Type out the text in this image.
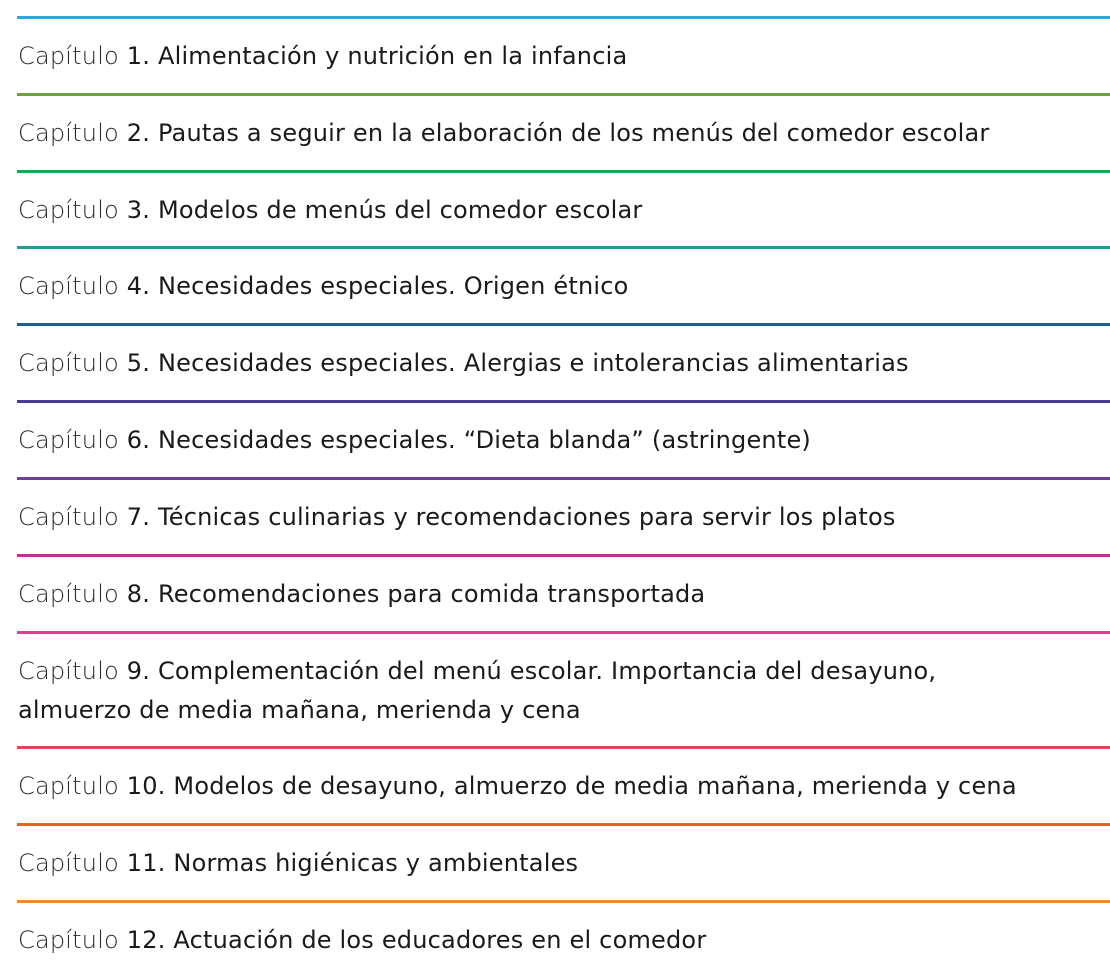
Capítulo 1. Alimentación y nutrición en la infancia
Capítulo 2. Pautas a seguir en la elaboración de los menús del comedor escolar
Capítulo 3. Modelos de menús del comedor escolar
Capítulo 4. Necesidades especiales. Origen étnico
Capítulo 5. Necesidades especiales. Alergias e intolerancias alimentarias
Capítulo 6. Necesidades especiales. “Dieta blanda” (astringente)
Capítulo 7. Técnicas culinarias y recomendaciones para servir los platos
Capítulo 8. Recomendaciones para comida transportada
Capítulo 9. Complementación del menú escolar. Importancia del desayuno,
almuerzo de media mañana, merienda y cena
Capítulo 10. Modelos de desayuno, almuerzo de media mañana, merienda y cena
Capítulo 11. Normas higiénicas y ambientales
Capítulo 12. Actuación de los educadores en el comedor
